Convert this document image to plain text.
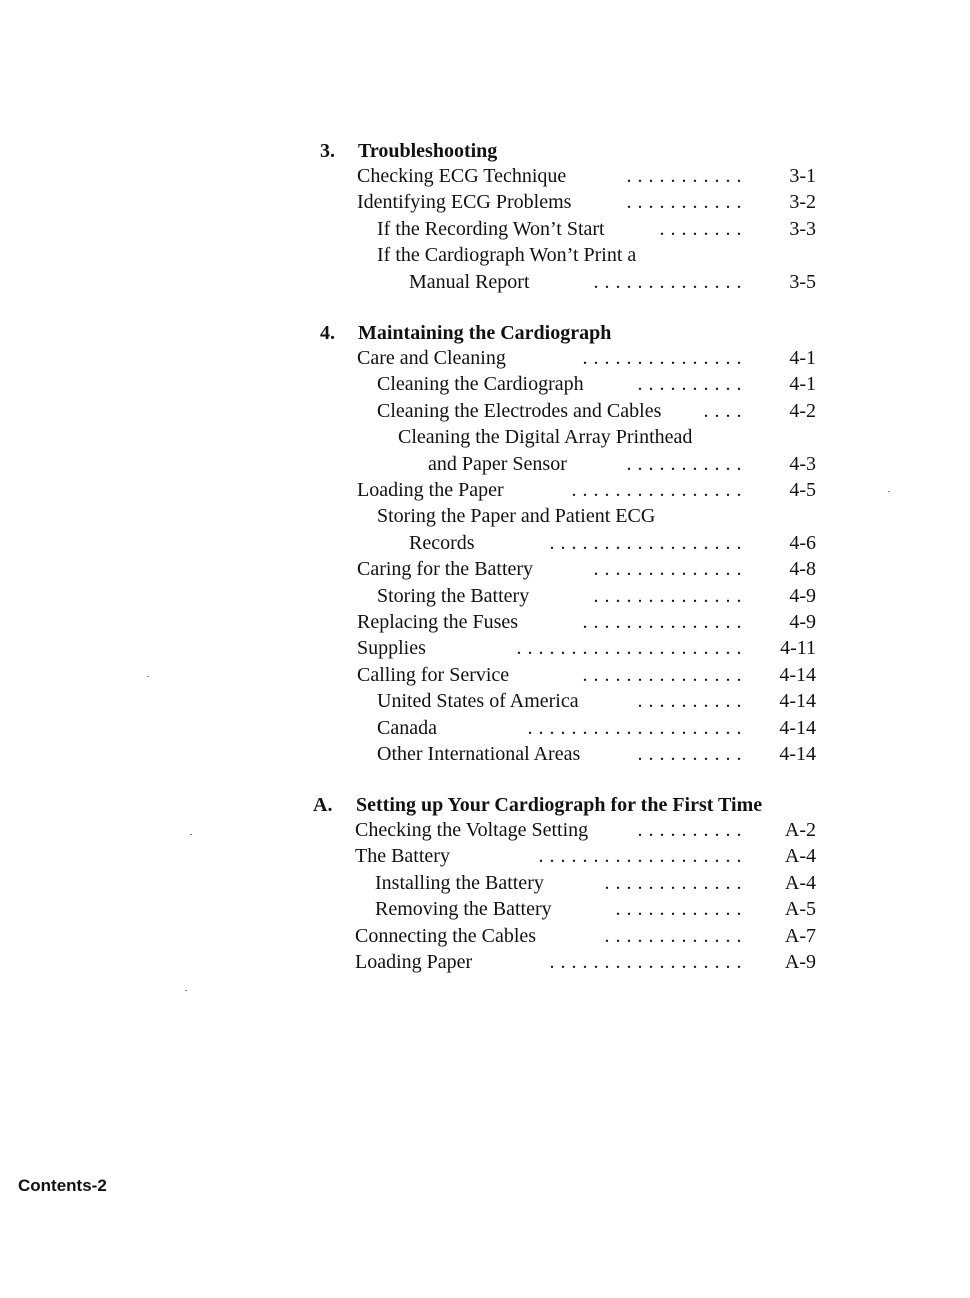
3. Troubleshooting
Checking ECG Technique	. . . . . . . . . . .	3-1
Identifying ECG Problems	. . . . . . . . . . .	3-2
If the Recording Won’t Start	. . . . . . . .	3-3
If the Cardiograph Won’t Print a
Manual Report	. . . . . . . . . . . . . .	3-5
4. Maintaining the Cardiograph
Care and Cleaning	. . . . . . . . . . . . . . .	4-1
Cleaning the Cardiograph	. . . . . . . . . .	4-1
Cleaning the Electrodes and Cables	. . . .	4-2
Cleaning the Digital Array Printhead
and Paper Sensor	. . . . . . . . . . .	4-3
Loading the Paper	. . . . . . . . . . . . . . . .	4-5
Storing the Paper and Patient ECG
Records	. . . . . . . . . . . . . . . . . .	4-6
Caring for the Battery	. . . . . . . . . . . . . .	4-8
Storing the Battery	. . . . . . . . . . . . . .	4-9
Replacing the Fuses	. . . . . . . . . . . . . . .	4-9
Supplies	. . . . . . . . . . . . . . . . . . . . .	4-11
Calling for Service	. . . . . . . . . . . . . . .	4-14
United States of America	. . . . . . . . . .	4-14
Canada	. . . . . . . . . . . . . . . . . . . .	4-14
Other International Areas	. . . . . . . . . .	4-14
A. Setting up Your Cardiograph for the First Time
Checking the Voltage Setting	. . . . . . . . . .	A-2
The Battery	. . . . . . . . . . . . . . . . . . .	A-4
Installing the Battery	. . . . . . . . . . . . .	A-4
Removing the Battery	. . . . . . . . . . . .	A-5
Connecting the Cables	. . . . . . . . . . . . .	A-7
Loading Paper	. . . . . . . . . . . . . . . . . .	A-9
Contents-2
